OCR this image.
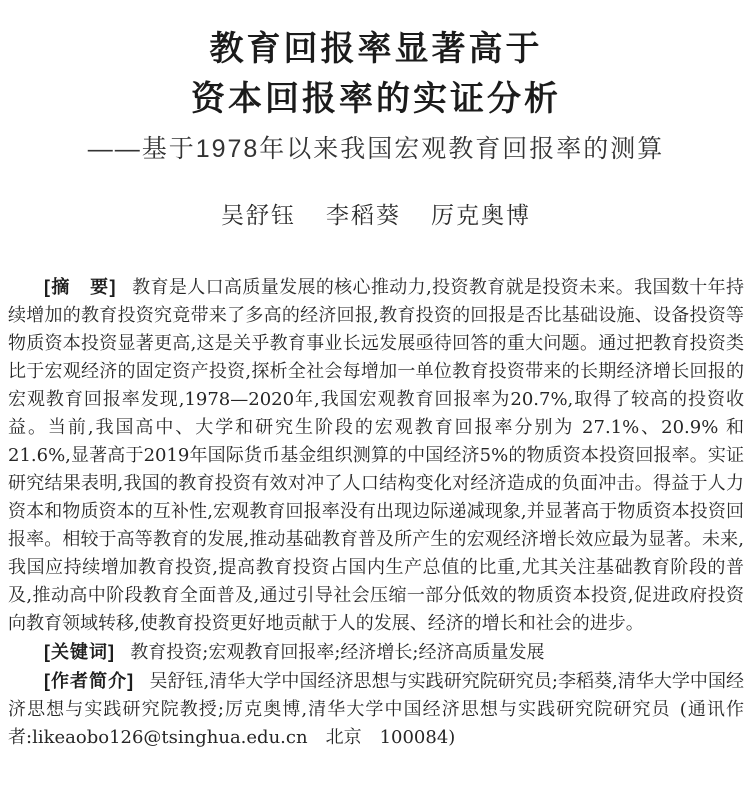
教育回报率显著高于
资本回报率的实证分析
——基于1978年以来我国宏观教育回报率的测算
吴舒钰 李稻葵 厉克奥博

[摘　要] 教育是人口高质量发展的核心推动力,投资教育就是投资未来。我国数十年持续增加的教育投资究竟带来了多高的经济回报,教育投资的回报是否比基础设施、设备投资等物质资本投资显著更高,这是关乎教育事业长远发展亟待回答的重大问题。通过把教育投资类比于宏观经济的固定资产投资,探析全社会每增加一单位教育投资带来的长期经济增长回报的宏观教育回报率发现,1978—2020年,我国宏观教育回报率为20.7%,取得了较高的投资收益。当前,我国高中、大学和研究生阶段的宏观教育回报率分别为 27.1%、20.9% 和 21.6%,显著高于2019年国际货币基金组织测算的中国经济5%的物质资本投资回报率。实证研究结果表明,我国的教育投资有效对冲了人口结构变化对经济造成的负面冲击。得益于人力资本和物质资本的互补性,宏观教育回报率没有出现边际递减现象,并显著高于物质资本投资回报率。相较于高等教育的发展,推动基础教育普及所产生的宏观经济增长效应最为显著。未来,我国应持续增加教育投资,提高教育投资占国内生产总值的比重,尤其关注基础教育阶段的普及,推动高中阶段教育全面普及,通过引导社会压缩一部分低效的物质资本投资,促进政府投资向教育领域转移,使教育投资更好地贡献于人的发展、经济的增长和社会的进步。

[关键词] 教育投资;宏观教育回报率;经济增长;经济高质量发展

[作者简介] 吴舒钰,清华大学中国经济思想与实践研究院研究员;李稻葵,清华大学中国经济思想与实践研究院教授;厉克奥博,清华大学中国经济思想与实践研究院研究员 (通讯作者:likeaobo126@tsinghua.edu.cn　北京　100084)
